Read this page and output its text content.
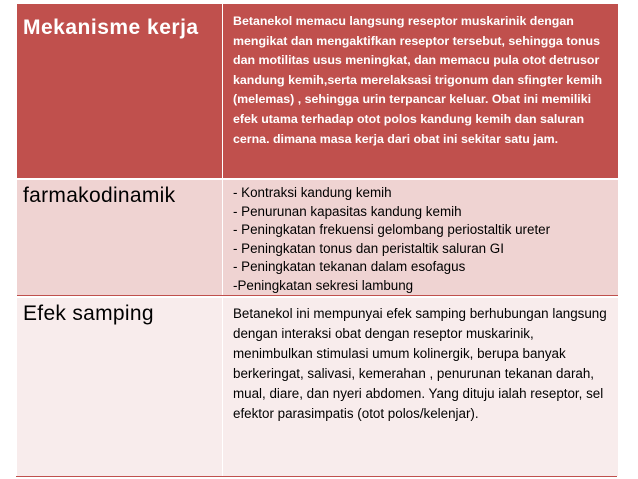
Mekanisme kerja	Betanekol memacu langsung reseptor muskarinik dengan mengikat dan mengaktifkan reseptor tersebut, sehingga tonus dan motilitas usus meningkat, dan memacu pula otot detrusor kandung kemih,serta merelaksasi trigonum dan sfingter kemih (melemas) , sehingga urin terpancar keluar. Obat ini memiliki efek utama terhadap otot polos kandung kemih dan saluran cerna. dimana masa kerja dari obat ini sekitar satu jam.
farmakodinamik	- Kontraksi kandung kemih
- Penurunan kapasitas kandung kemih
- Peningkatan frekuensi gelombang periostaltik ureter
- Peningkatan tonus dan peristaltik saluran GI
- Peningkatan tekanan dalam esofagus
-Peningkatan sekresi lambung
Efek samping	Betanekol ini mempunyai efek samping berhubungan langsung dengan interaksi obat dengan reseptor muskarinik, menimbulkan stimulasi umum kolinergik, berupa banyak berkeringat, salivasi, kemerahan , penurunan tekanan darah, mual, diare, dan nyeri abdomen. Yang dituju ialah reseptor, sel efektor parasimpatis (otot polos/kelenjar).
